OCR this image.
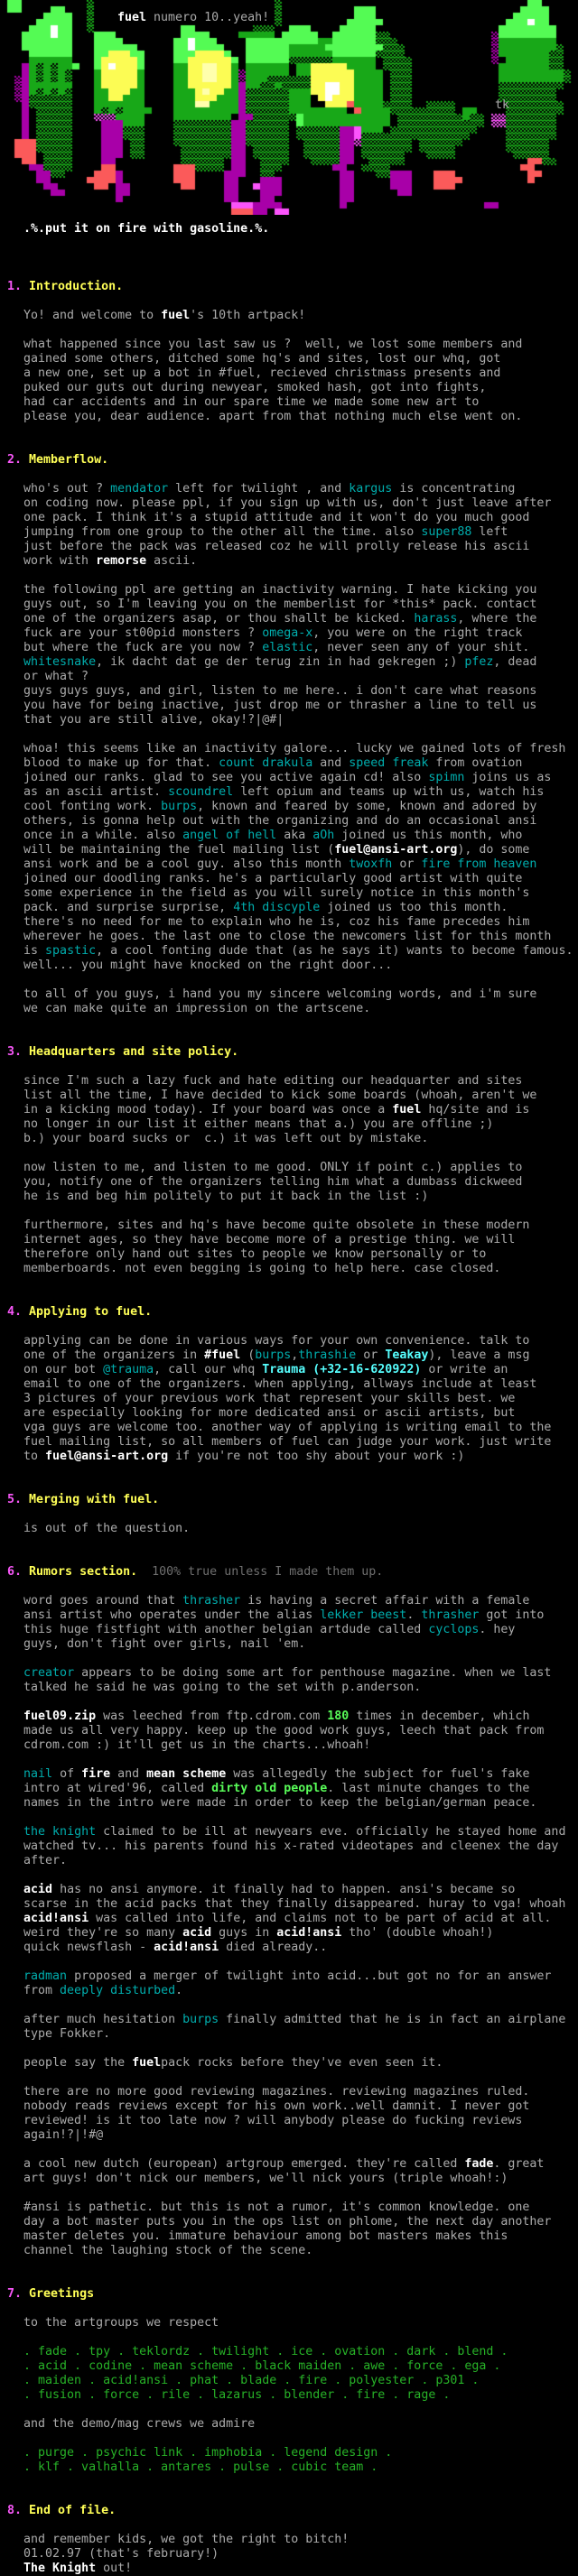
fuel numero 10..yeah!
tk
.%.put it on fire with gasoline.%.
1. Introduction.
Yo! and welcome to fuel's 10th artpack!
what happened since you last saw us ?  well, we lost some members and
gained some others, ditched some hq's and sites, lost our whq, got
a new one, set up a bot in #fuel, recieved christmass presents and
puked our guts out during newyear, smoked hash, got into fights,
had car accidents and in our spare time we made some new art to
please you, dear audience. apart from that nothing much else went on.
2. Memberflow.
who's out ? mendator left for twilight , and kargus is concentrating
on coding now. please ppl, if you sign up with us, don't just leave after
one pack. I think it's a stupid attitude and it won't do you much good
jumping from one group to the other all the time. also super88 left
just before the pack was released coz he will prolly release his ascii
work with remorse ascii.
the following ppl are getting an inactivity warning. I hate kicking you
guys out, so I'm leaving you on the memberlist for *this* pack. contact
one of the organizers asap, or thou shallt be kicked. harass, where the
fuck are your st00pid monsters ? omega-x, you were on the right track
but where the fuck are you now ? elastic, never seen any of your shit.
whitesnake, ik dacht dat ge der terug zin in had gekregen ;) pfez, dead
or what ?
guys guys guys, and girl, listen to me here.. i don't care what reasons
you have for being inactive, just drop me or thrasher a line to tell us
that you are still alive, okay!?|@#|
whoa! this seems like an inactivity galore... lucky we gained lots of fresh
blood to make up for that. count drakula and speed freak from ovation
joined our ranks. glad to see you active again cd! also spimn joins us as
as an ascii artist. scoundrel left opium and teams up with us, watch his
cool fonting work. burps, known and feared by some, known and adored by
others, is gonna help out with the organizing and do an occasional ansi
once in a while. also angel of hell aka aOh joined us this month, who
will be maintaining the fuel mailing list (fuel@ansi-art.org), do some
ansi work and be a cool guy. also this month twoxfh or fire from heaven
joined our doodling ranks. he's a particularly good artist with quite
some experience in the field as you will surely notice in this month's
pack. and surprise surprise, 4th discyple joined us too this month.
there's no need for me to explain who he is, coz his fame precedes him
wherever he goes. the last one to close the newcomers list for this month
is spastic, a cool fonting dude that (as he says it) wants to become famous.
well... you might have knocked on the right door...
to all of you guys, i hand you my sincere welcoming words, and i'm sure
we can make quite an impression on the artscene.
3. Headquarters and site policy.
since I'm such a lazy fuck and hate editing our headquarter and sites
list all the time, I have decided to kick some boards (whoah, aren't we
in a kicking mood today). If your board was once a fuel hq/site and is
no longer in our list it either means that a.) you are offline ;)
b.) your board sucks or  c.) it was left out by mistake.
now listen to me, and listen to me good. ONLY if point c.) applies to
you, notify one of the organizers telling him what a dumbass dickweed
he is and beg him politely to put it back in the list :)
furthermore, sites and hq's have become quite obsolete in these modern
internet ages, so they have become more of a prestige thing. we will
therefore only hand out sites to people we know personally or to
memberboards. not even begging is going to help here. case closed.
4. Applying to fuel.
applying can be done in various ways for your own convenience. talk to
one of the organizers in #fuel (burps,thrashie or Teakay), leave a msg
on our bot @trauma, call our whq Trauma (+32-16-620922) or write an
email to one of the organizers. when applying, allways include at least
3 pictures of your previous work that represent your skills best. we
are especially looking for more dedicated ansi or ascii artists, but
vga guys are welcome too. another way of applying is writing email to the
fuel mailing list, so all members of fuel can judge your work. just write
to fuel@ansi-art.org if you're not too shy about your work :)
5. Merging with fuel.
is out of the question.
6. Rumors section.  100% true unless I made them up.
word goes around that thrasher is having a secret affair with a female
ansi artist who operates under the alias lekker beest. thrasher got into
this huge fistfight with another belgian artdude called cyclops. hey
guys, don't fight over girls, nail 'em.
creator appears to be doing some art for penthouse magazine. when we last
talked he said he was going to the set with p.anderson.
fuel09.zip was leeched from ftp.cdrom.com 180 times in december, which
made us all very happy. keep up the good work guys, leech that pack from
cdrom.com :) it'll get us in the charts...whoah!
nail of fire and mean scheme was allegedly the subject for fuel's fake
intro at wired'96, called dirty old people. last minute changes to the
names in the intro were made in order to keep the belgian/german peace.
the knight claimed to be ill at newyears eve. officially he stayed home and
watched tv... his parents found his x-rated videotapes and cleenex the day
after.
acid has no ansi anymore. it finally had to happen. ansi's became so
scarse in the acid packs that they finally disappeared. huray to vga! whoah
acid!ansi was called into life, and claims not to be part of acid at all.
weird they're so many acid guys in acid!ansi tho' (double whoah!)
quick newsflash - acid!ansi died already..
radman proposed a merger of twilight into acid...but got no for an answer
from deeply disturbed.
after much hesitation burps finally admitted that he is in fact an airplane
type Fokker.
people say the fuelpack rocks before they've even seen it.
there are no more good reviewing magazines. reviewing magazines ruled.
nobody reads reviews except for his own work..well damnit. I never got
reviewed! is it too late now ? will anybody please do fucking reviews
again!?|!#@
a cool new dutch (european) artgroup emerged. they're called fade. great
art guys! don't nick our members, we'll nick yours (triple whoah!:)
#ansi is pathetic. but this is not a rumor, it's common knowledge. one
day a bot master puts you in the ops list on phlome, the next day another
master deletes you. immature behaviour among bot masters makes this
channel the laughing stock of the scene.
7. Greetings
to the artgroups we respect
. fade . tpy . teklordz . twilight . ice . ovation . dark . blend .
. acid . codine . mean scheme . black maiden . awe . force . ega .
. maiden . acid!ansi . phat . blade . fire . polyester . p301 .
. fusion . force . rile . lazarus . blender . fire . rage .
and the demo/mag crews we admire
. purge . psychic link . imphobia . legend design .
. klf . valhalla . antares . pulse . cubic team .
8. End of file.
and remember kids, we got the right to bitch!
01.02.97 (that's february!)
The Knight out!
